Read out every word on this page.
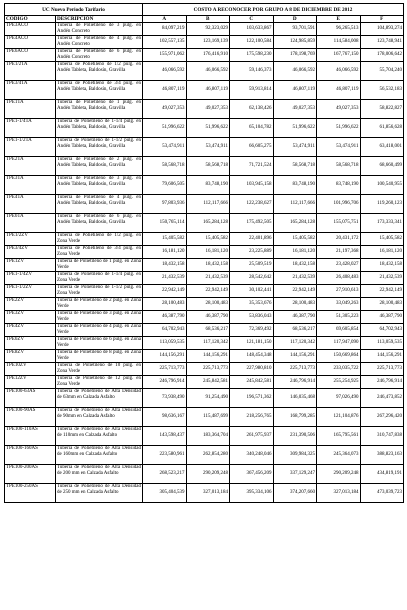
UC Nuevo Periodo Tarifario		COSTO A RECONOCER POR GRUPO A 8 DE DICIEMBRE DE 2012					
CODIGO	DESCRIPCIÓN	A	B	C	D	E	F
TPE3ACO	Tubería de Polietileno de 3 pulg. en Andén Concreto	84,097,219	92,323,029	103,633,867	93,701,591	96,265,513	104,893,274
TPE4ACO	Tubería de Polietileno de 4 pulg. en Andén Concreto	102,557,135	123,169,139	122,100,584	124,985,859	114,584,008	123,748,941
TPE6ACO	Tubería de Polietileno de 6 pulg. en Andén Concreto	155,971,062	176,416,910	175,598,230	178,198,769	167,767,150	178,006,642
TPE1/2TA	Tubería de Polietileno de 1/2 pulg. en Andén Tableta, Baldosín, Gravilla	46,066,592	46,066,592	59,146,373	46,066,592	46,066,592	55,704,240
TPE3/4TA	Tubería de Polietileno de 3/4 pulg. en Andén Tableta, Baldosín, Gravilla	46,807,119	46,807,119	59,913,814	46,807,119	46,807,119	56,532,183
TPE1TA	Tubería de Polietileno de 1 pulg. en Andén Tableta, Baldosín, Gravilla	49,027,353	49,027,353	62,138,426	49,027,353	49,027,353	58,822,827
TPE1-1/4TA	Tubería de Polietileno de 1-1/4 pulg. en Andén Tableta, Baldosín, Gravilla	51,996,622	51,996,622	65,104,782	51,996,622	51,996,622	61,856,628
TPE1-1/2TA	Tubería de Polietileno de 1-1/2 pulg. en Andén Tableta, Baldosín, Gravilla	53,474,911	53,474,911	66,605,275	53,474,911	53,474,911	63,418,001
TPE2TA	Tubería de Polietileno de 2 pulg. en Andén Tableta, Baldosín, Gravilla	58,568,718	58,568,718	71,721,524	58,568,718	58,568,718	68,660,499
TPE3TA	Tubería de Polietileno de 3 pulg. en Andén Tableta, Baldosín, Gravilla	79,606,505	83,748,190	103,945,158	83,748,190	83,748,190	100,540,955
TPE4TA	Tubería de Polietileno de 4 pulg. en Andén Tableta, Baldosín, Gravilla	97,803,936	112,117,666	122,238,627	112,117,666	101,996,706	119,260,123
TPE6TA	Tubería de Polietileno de 6 pulg. en Andén Tableta, Baldosín, Gravilla	150,765,114	165,284,128	175,492,505	165,284,128	155,075,751	173,333,341
TPE1/2ZV	Tubería de Polietileno de 1/2 pulg. en Zona Verde	15,405,582	15,405,582	22,401,896	15,405,582	20,431,172	15,405,582
TPE3/4ZV	Tubería de Polietileno de 3/4 pulg. en Zona Verde	16,181,120	16,181,120	23,225,889	16,181,120	21,197,368	16,181,120
TPE1ZV	Tubería de Polietileno de 1 pulg. en Zona Verde	18,432,158	18,432,158	25,509,519	18,432,158	23,428,027	18,432,158
TPE1-1/4ZV	Tubería de Polietileno de 1-1/4 pulg. en Zona Verde	21,432,539	21,432,539	28,542,642	21,432,539	26,408,483	21,432,539
TPE1-1/2ZV	Tubería de Polietileno de 1-1/2 pulg. en Zona Verde	22,942,149	22,942,149	30,102,441	22,942,149	27,910,613	22,942,149
TPE2ZV	Tubería de Polietileno de 2 pulg. en Zona Verde	28,100,483	28,100,483	35,353,676	28,100,483	33,049,263	28,100,483
TPE3ZV	Tubería de Polietileno de 3 pulg. en Zona Verde	46,387,790	46,387,790	53,836,043	46,387,790	51,305,223	46,387,790
TPE4ZV	Tubería de Polietileno de 4 pulg. en Zona Verde	64,702,943	68,536,217	72,369,492	68,536,217	69,605,854	64,702,943
TPE6ZV	Tubería de Polietileno de 6 pulg. en Zona Verde	113,059,535	117,120,342	121,181,150	117,120,342	117,947,090	113,059,535
TPE8ZV	Tubería de Polietileno de 8 pulg. en Zona Verde	144,156,291	144,156,291	148,454,348	144,156,291	150,669,864	144,156,291
TPE10ZV	Tubería de Polietileno de 10 pulg. en Zona Verde	225,713,773	225,713,773	227,980,810	225,713,773	233,035,722	225,713,773
TPE12ZV	Tubería de Polietileno de 12 pulg. en Zona Verde	246,796,914	245,842,581	245,842,581	246,796,914	255,254,925	246,796,914
TPE100-63AS	Tubería de Polietileno de Alta Densidad de 63mm en Calzada Asfalto	73,938,490	91,254,490	196,571,362	146,035,468	97,026,490	246,473,852
TPE100-90AS	Tubería de Polietileno de Alta Densidad de 90mm en Calzada Asfalto	98,636,167	115,487,699	218,256,765	168,799,285	121,104,876	267,296,420
TPE100-110AS	Tubería de Polietileno de Alta Densidad de 110mm en Calzada Asfalto	143,598,437	183,364,704	261,975,937	231,390,506	165,795,561	310,747,838
TPE100-160AS	Tubería de Polietileno de Alta Densidad de 160mm en Calzada Asfalto	223,580,961	262,854,280	340,248,046	309,984,325	245,364,073	388,823,163
TPE100-200AS	Tubería de Polietileno de Alta Densidad de 200 mm en Calzada Asfalto	268,523,217	290,209,248	367,456,209	337,129,247	290,209,248	434,819,191
TPE100-250AS	Tubería de Polietileno de Alta Densidad de 250 mm en Calzada Asfalto	305,404,539	327,013,184	395,334,106	374,207,660	327,013,184	473,039,723
